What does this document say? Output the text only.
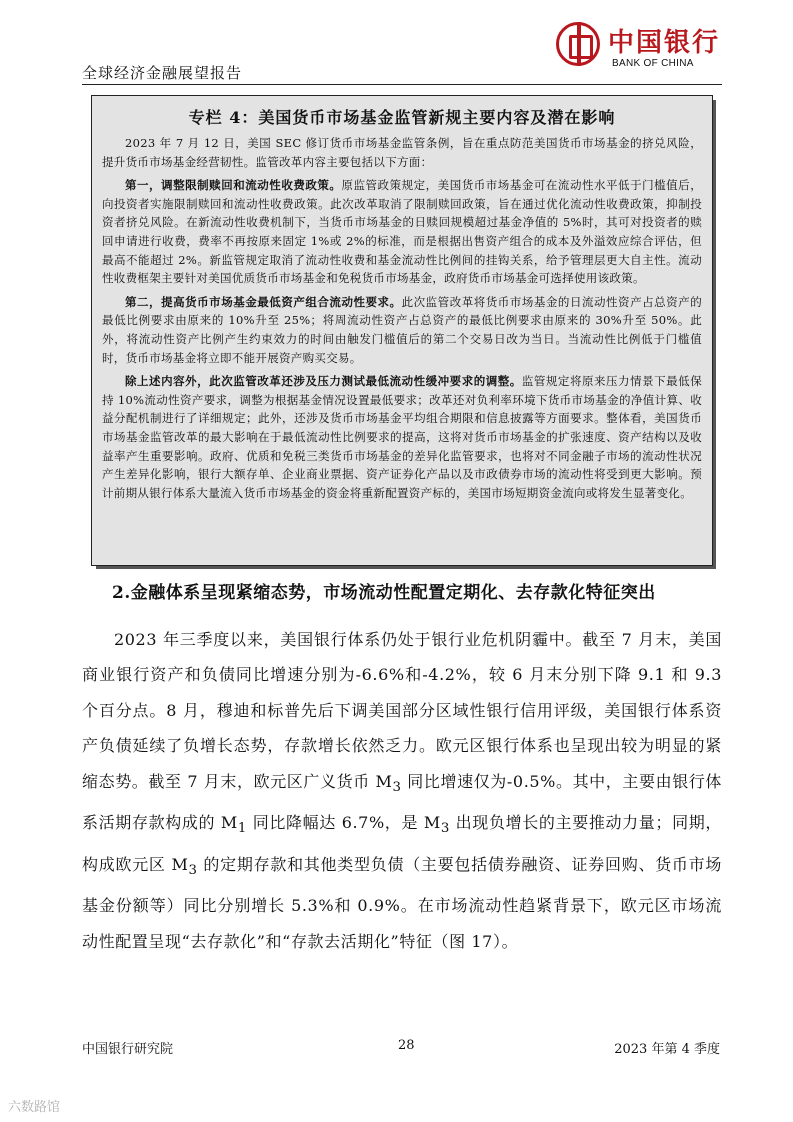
全球经济金融展望报告
中国银行
BANK OF CHINA
专栏 4：美国货币市场基金监管新规主要内容及潜在影响

2023 年 7 月 12 日，美国 SEC 修订货币市场基金监管条例，旨在重点防范美国货币市场基金的挤兑风险，提升货币市场基金经营韧性。监管改革内容主要包括以下方面：

第一，调整限制赎回和流动性收费政策。原监管政策规定，美国货币市场基金可在流动性水平低于门槛值后，向投资者实施限制赎回和流动性收费政策。此次改革取消了限制赎回政策，旨在通过优化流动性收费政策，抑制投资者挤兑风险。在新流动性收费机制下，当货币市场基金的日赎回规模超过基金净值的 5%时，其可对投资者的赎回申请进行收费，费率不再按原来固定 1%或 2%的标准，而是根据出售资产组合的成本及外溢效应综合评估，但最高不能超过 2%。新监管规定取消了流动性收费和基金流动性比例间的挂钩关系，给予管理层更大自主性。流动性收费框架主要针对美国优质货币市场基金和免税货币市场基金，政府货币市场基金可选择使用该政策。

第二，提高货币市场基金最低资产组合流动性要求。此次监管改革将货币市场基金的日流动性资产占总资产的最低比例要求由原来的 10%升至 25%；将周流动性资产占总资产的最低比例要求由原来的 30%升至 50%。此外，将流动性资产比例产生约束效力的时间由触发门槛值后的第二个交易日改为当日。当流动性比例低于门槛值时，货币市场基金将立即不能开展资产购买交易。

除上述内容外，此次监管改革还涉及压力测试最低流动性缓冲要求的调整。监管规定将原来压力情景下最低保持 10%流动性资产要求，调整为根据基金情况设置最低要求；改革还对负利率环境下货币市场基金的净值计算、收益分配机制进行了详细规定；此外，还涉及货币市场基金平均组合期限和信息披露等方面要求。整体看，美国货币市场基金监管改革的最大影响在于最低流动性比例要求的提高，这将对货币市场基金的扩张速度、资产结构以及收益率产生重要影响。政府、优质和免税三类货币市场基金的差异化监管要求，也将对不同金融子市场的流动性状况产生差异化影响，银行大额存单、企业商业票据、资产证券化产品以及市政债券市场的流动性将受到更大影响。预计前期从银行体系大量流入货币市场基金的资金将重新配置资产标的，美国市场短期资金流向或将发生显著变化。

2.金融体系呈现紧缩态势，市场流动性配置定期化、去存款化特征突出

2023 年三季度以来，美国银行体系仍处于银行业危机阴霾中。截至 7 月末，美国商业银行资产和负债同比增速分别为-6.6%和-4.2%，较 6 月末分别下降 9.1 和 9.3 个百分点。8 月，穆迪和标普先后下调美国部分区域性银行信用评级，美国银行体系资产负债延续了负增长态势，存款增长依然乏力。欧元区银行体系也呈现出较为明显的紧缩态势。截至 7 月末，欧元区广义货币 $M_3$ 同比增速仅为-0.5%。其中，主要由银行体系活期存款构成的 $M_1$ 同比降幅达 6.7%，是 $M_3$ 出现负增长的主要推动力量；同期，构成欧元区 $M_3$ 的定期存款和其他类型负债（主要包括债券融资、证券回购、货币市场基金份额等）同比分别增长 5.3%和 0.9%。在市场流动性趋紧背景下，欧元区市场流动性配置呈现“去存款化”和“存款去活期化”特征（图 17）。

中国银行研究院	28	2023 年第 4 季度
六数路馆
